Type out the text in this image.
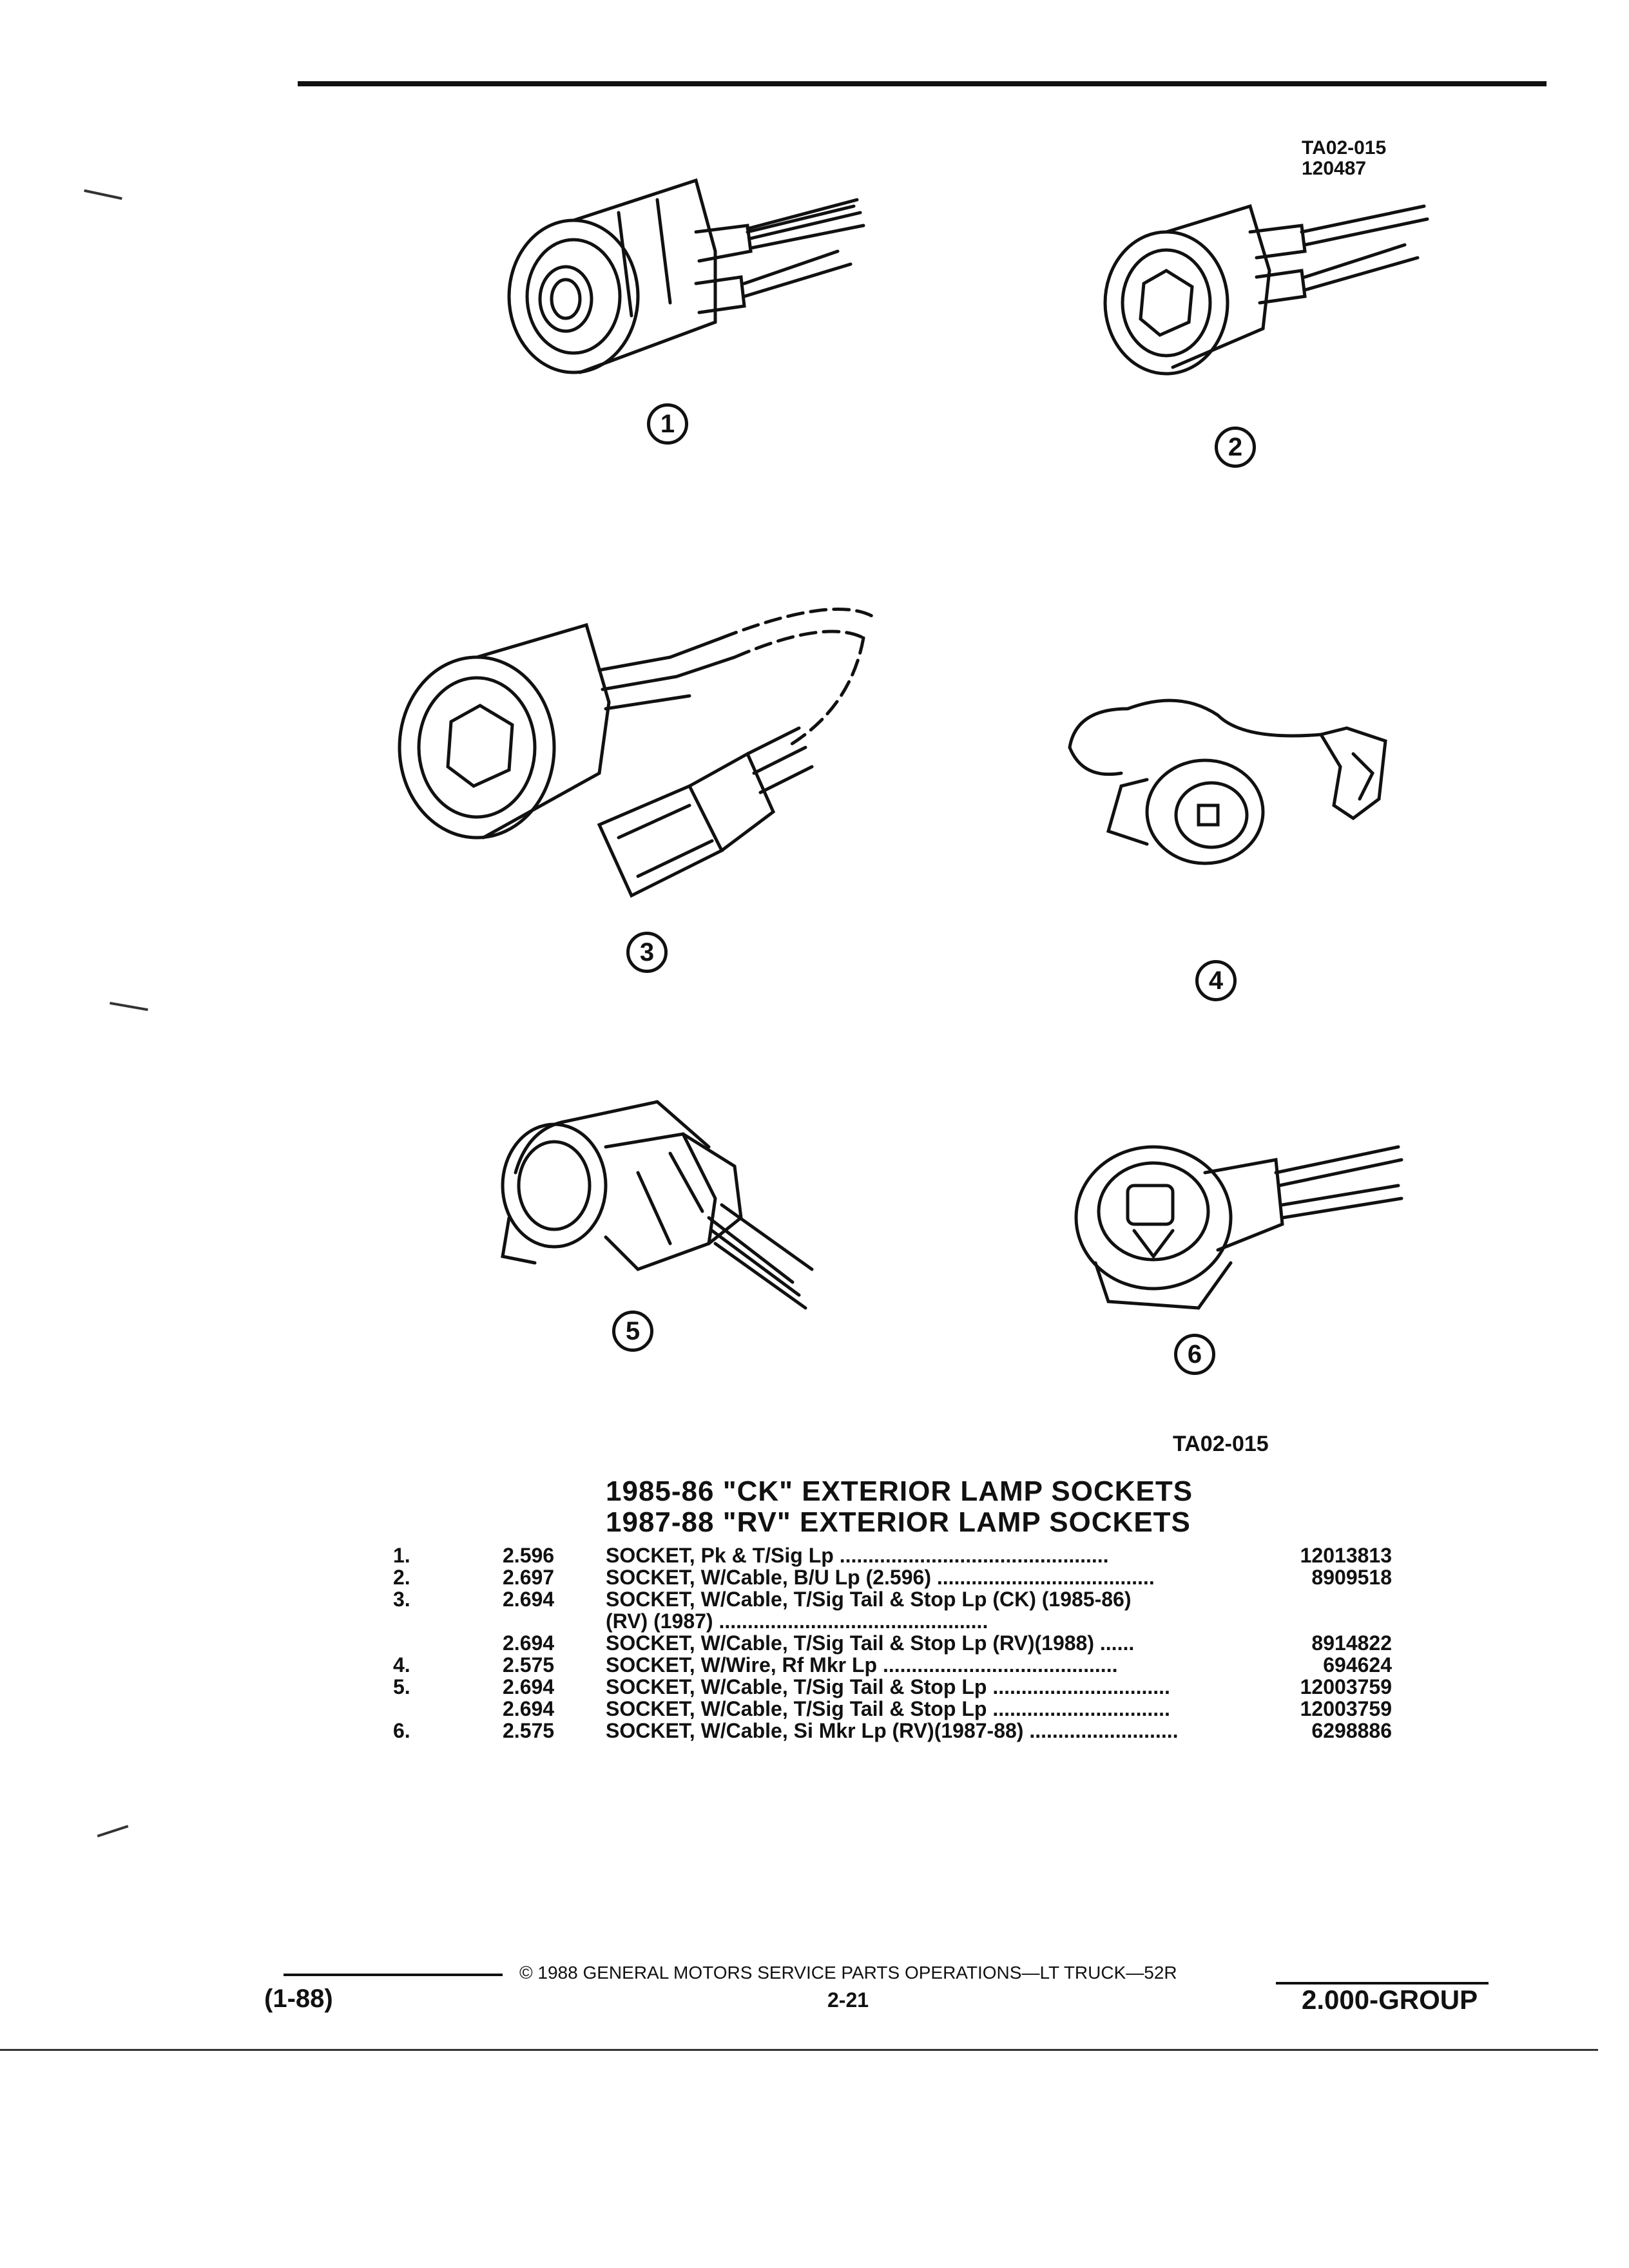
TA02-015
120487
1
2
3
4
5
6
TA02-015
1985-86 "CK" EXTERIOR LAMP SOCKETS
1987-88 "RV" EXTERIOR LAMP SOCKETS
1.	2.596 SOCKET, Pk & T/Sig Lp ...............................................	12013813
2.	2.697 SOCKET, W/Cable, B/U Lp (2.596) ......................................	8909518
3.	2.694 SOCKET, W/Cable, T/Sig Tail & Stop Lp (CK) (1985-86)
(RV) (1987) ...............................................
2.694 SOCKET, W/Cable, T/Sig Tail & Stop Lp (RV)(1988) ......	8914822
4.	2.575 SOCKET, W/Wire, Rf Mkr Lp .........................................	694624
5.	2.694 SOCKET, W/Cable, T/Sig Tail & Stop Lp ...............................	12003759
2.694 SOCKET, W/Cable, T/Sig Tail & Stop Lp ...............................	12003759
6.	2.575 SOCKET, W/Cable, Si Mkr Lp (RV)(1987-88) ..........................	6298886
(1-88)
© 1988 GENERAL MOTORS SERVICE PARTS OPERATIONS—LT TRUCK—52R
2-21	2.000-GROUP
